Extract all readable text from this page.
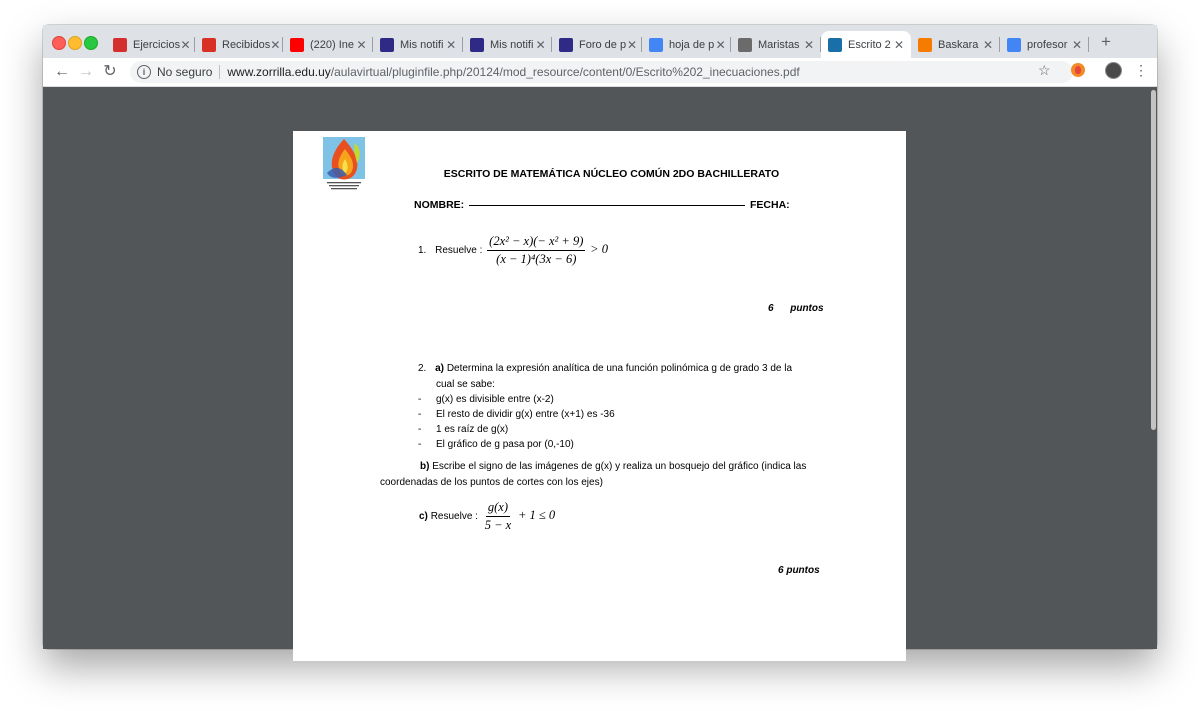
Ejercicios ✕	Recibidos ✕	(220) Ine ✕	Mis notifi ✕	Mis notifi ✕	Foro de p ✕	hoja de p ✕	Maristas ✕	Escrito 2 ✕	Baskara ✕	profesor ✕ +
← → ↻	i No seguro www.zorrilla.edu.uy /aulavirtual/pluginfile.php/20124/mod_resource/content/0/Escrito%202_inecuaciones.pdf	☆	⋮
ESCRITO DE MATEMÁTICA NÚCLEO COMÚN 2DO BACHILLERATO
NOMBRE:	FECHA:
1. Resuelve : $\frac{\text{(2x² − x)(− x² + 9)}}{\text{(x − 1)⁴(3x − 6)}} > 0$
6      puntos
2. a) Determina la expresión analítica de una función polinómica g de grado 3 de la
cual se sabe:
- g(x) es divisible entre (x-2)
- El resto de dividir g(x) entre (x+1) es -36
- 1 es raíz de g(x)
- El gráfico de g pasa por (0,-10)
b) Escribe el signo de las imágenes de g(x) y realiza un bosquejo del gráfico (indica las
coordenadas de los puntos de cortes con los ejes)
c) Resuelve : $\frac{g(x)}{5 - x} + 1 \le 0$
6 puntos
